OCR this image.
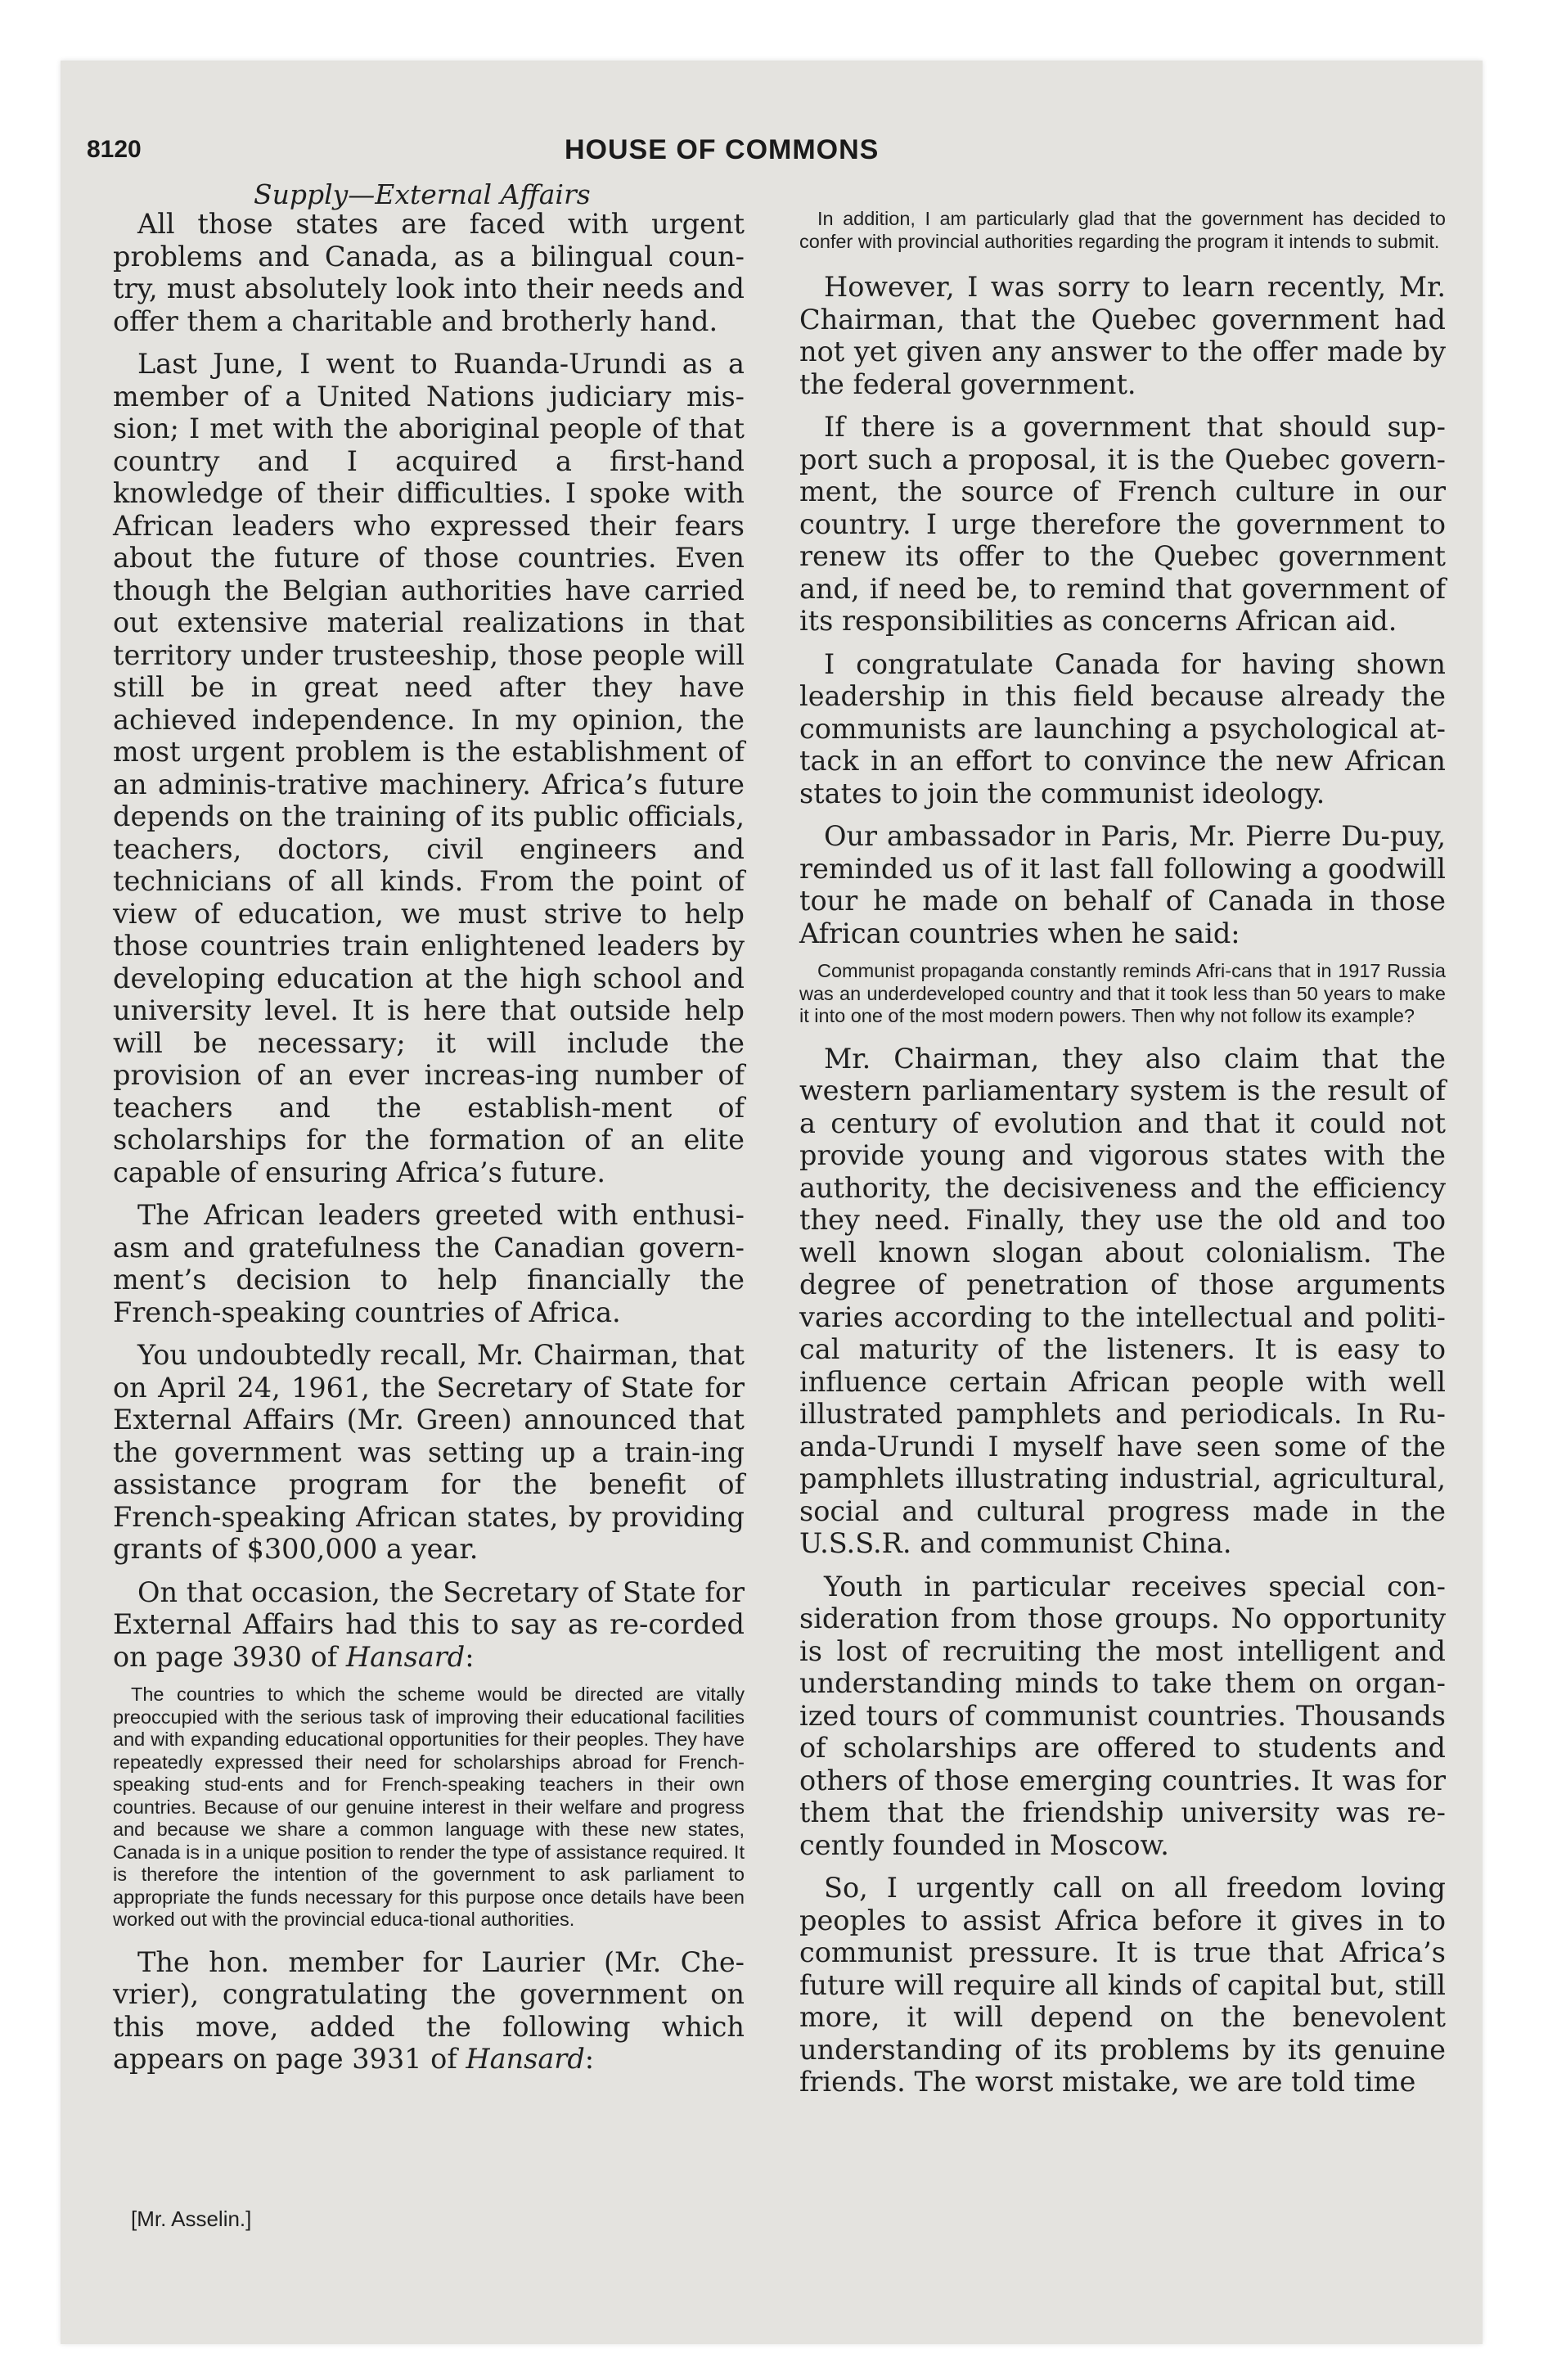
8120	HOUSE OF COMMONS
Supply—External Affairs

All those states are faced with urgent problems and Canada, as a bilingual coun-try, must absolutely look into their needs and offer them a charitable and brotherly hand.

Last June, I went to Ruanda-Urundi as a member of a United Nations judiciary mis-sion; I met with the aboriginal people of that country and I acquired a first-hand knowledge of their difficulties. I spoke with African leaders who expressed their fears about the future of those countries. Even though the Belgian authorities have carried out extensive material realizations in that territory under trusteeship, those people will still be in great need after they have achieved independence. In my opinion, the most urgent problem is the establishment of an adminis-trative machinery. Africa’s future depends on the training of its public officials, teachers, doctors, civil engineers and technicians of all kinds. From the point of view of education, we must strive to help those countries train enlightened leaders by developing education at the high school and university level. It is here that outside help will be necessary; it will include the provision of an ever increas-ing number of teachers and the establish-ment of scholarships for the formation of an elite capable of ensuring Africa’s future.

The African leaders greeted with enthusi-asm and gratefulness the Canadian govern-ment’s decision to help financially the French-speaking countries of Africa.

You undoubtedly recall, Mr. Chairman, that on April 24, 1961, the Secretary of State for External Affairs (Mr. Green) announced that the government was setting up a train-ing assistance program for the benefit of French-speaking African states, by providing grants of $300,000 a year.

On that occasion, the Secretary of State for External Affairs had this to say as re-corded on page 3930 of Hansard:

The countries to which the scheme would be directed are vitally preoccupied with the serious task of improving their educational facilities and with expanding educational opportunities for their peoples. They have repeatedly expressed their need for scholarships abroad for French-speaking stud-ents and for French-speaking teachers in their own countries. Because of our genuine interest in their welfare and progress and because we share a common language with these new states, Canada is in a unique position to render the type of assistance required. It is therefore the intention of the government to ask parliament to appropriate the funds necessary for this purpose once details have been worked out with the provincial educa-tional authorities.

The hon. member for Laurier (Mr. Che-vrier), congratulating the government on this move, added the following which appears on page 3931 of Hansard:

In addition, I am particularly glad that the government has decided to confer with provincial authorities regarding the program it intends to submit.

However, I was sorry to learn recently, Mr. Chairman, that the Quebec government had not yet given any answer to the offer made by the federal government.

If there is a government that should sup-port such a proposal, it is the Quebec govern-ment, the source of French culture in our country. I urge therefore the government to renew its offer to the Quebec government and, if need be, to remind that government of its responsibilities as concerns African aid.

I congratulate Canada for having shown leadership in this field because already the communists are launching a psychological at-tack in an effort to convince the new African states to join the communist ideology.

Our ambassador in Paris, Mr. Pierre Du-puy, reminded us of it last fall following a goodwill tour he made on behalf of Canada in those African countries when he said:

Communist propaganda constantly reminds Afri-cans that in 1917 Russia was an underdeveloped country and that it took less than 50 years to make it into one of the most modern powers. Then why not follow its example?

Mr. Chairman, they also claim that the western parliamentary system is the result of a century of evolution and that it could not provide young and vigorous states with the authority, the decisiveness and the efficiency they need. Finally, they use the old and too well known slogan about colonialism. The degree of penetration of those arguments varies according to the intellectual and politi-cal maturity of the listeners. It is easy to influence certain African people with well illustrated pamphlets and periodicals. In Ru-anda-Urundi I myself have seen some of the pamphlets illustrating industrial, agricultural, social and cultural progress made in the U.S.S.R. and communist China.

Youth in particular receives special con-sideration from those groups. No opportunity is lost of recruiting the most intelligent and understanding minds to take them on organ-ized tours of communist countries. Thousands of scholarships are offered to students and others of those emerging countries. It was for them that the friendship university was re-cently founded in Moscow.

So, I urgently call on all freedom loving peoples to assist Africa before it gives in to communist pressure. It is true that Africa’s future will require all kinds of capital but, still more, it will depend on the benevolent understanding of its problems by its genuine friends. The worst mistake, we are told time

[Mr. Asselin.]
